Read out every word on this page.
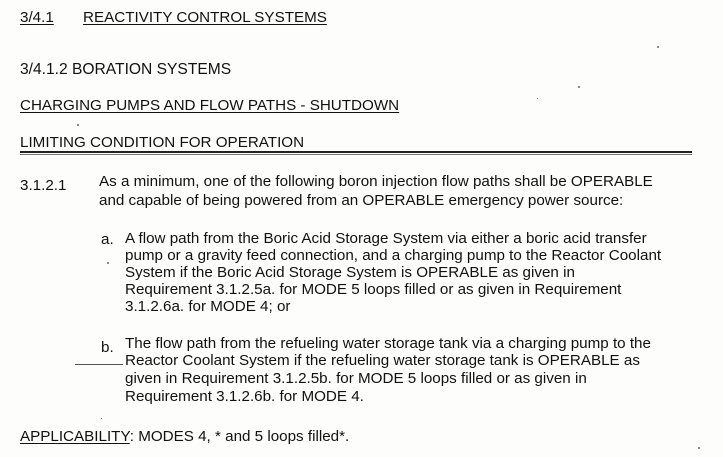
3/4.1 REACTIVITY CONTROL SYSTEMS
3/4.1.2 BORATION SYSTEMS
CHARGING PUMPS AND FLOW PATHS - SHUTDOWN
LIMITING CONDITION FOR OPERATION
3.1.2.1 As a minimum, one of the following boron injection flow paths shall be OPERABLE
and capable of being powered from an OPERABLE emergency power source:
a. A flow path from the Boric Acid Storage System via either a boric acid transfer
pump or a gravity feed connection, and a charging pump to the Reactor Coolant
System if the Boric Acid Storage System is OPERABLE as given in
Requirement 3.1.2.5a. for MODE 5 loops filled or as given in Requirement
3.1.2.6a. for MODE 4; or
b. The flow path from the refueling water storage tank via a charging pump to the
Reactor Coolant System if the refueling water storage tank is OPERABLE as
given in Requirement 3.1.2.5b. for MODE 5 loops filled or as given in
Requirement 3.1.2.6b. for MODE 4.
APPLICABILITY: MODES 4, * and 5 loops filled*.
